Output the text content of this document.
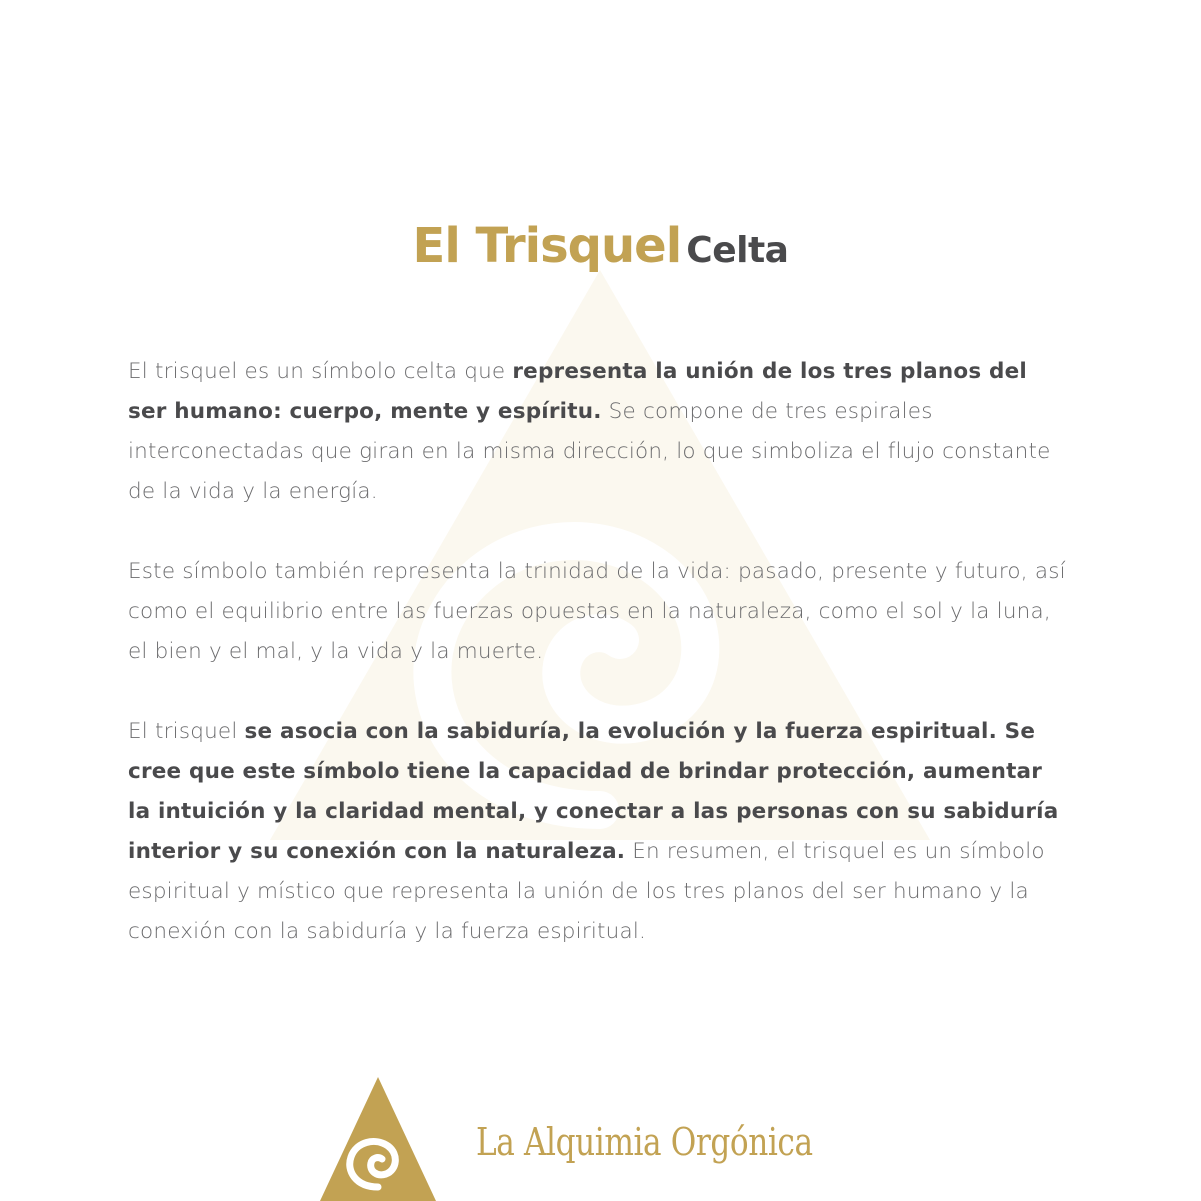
El Trisquel Celta

El trisquel es un símbolo celta que representa la unión de los tres planos del ser humano: cuerpo, mente y espíritu. Se compone de tres espirales interconectadas que giran en la misma dirección, lo que simboliza el flujo constante de la vida y la energía.

Este símbolo también representa la trinidad de la vida: pasado, presente y futuro, así como el equilibrio entre las fuerzas opuestas en la naturaleza, como el sol y la luna, el bien y el mal, y la vida y la muerte.

El trisquel se asocia con la sabiduría, la evolución y la fuerza espiritual. Se cree que este símbolo tiene la capacidad de brindar protección, aumentar la intuición y la claridad mental, y conectar a las personas con su sabiduría interior y su conexión con la naturaleza. En resumen, el trisquel es un símbolo espiritual y místico que representa la unión de los tres planos del ser humano y la conexión con la sabiduría y la fuerza espiritual.

La Alquimia Orgónica
